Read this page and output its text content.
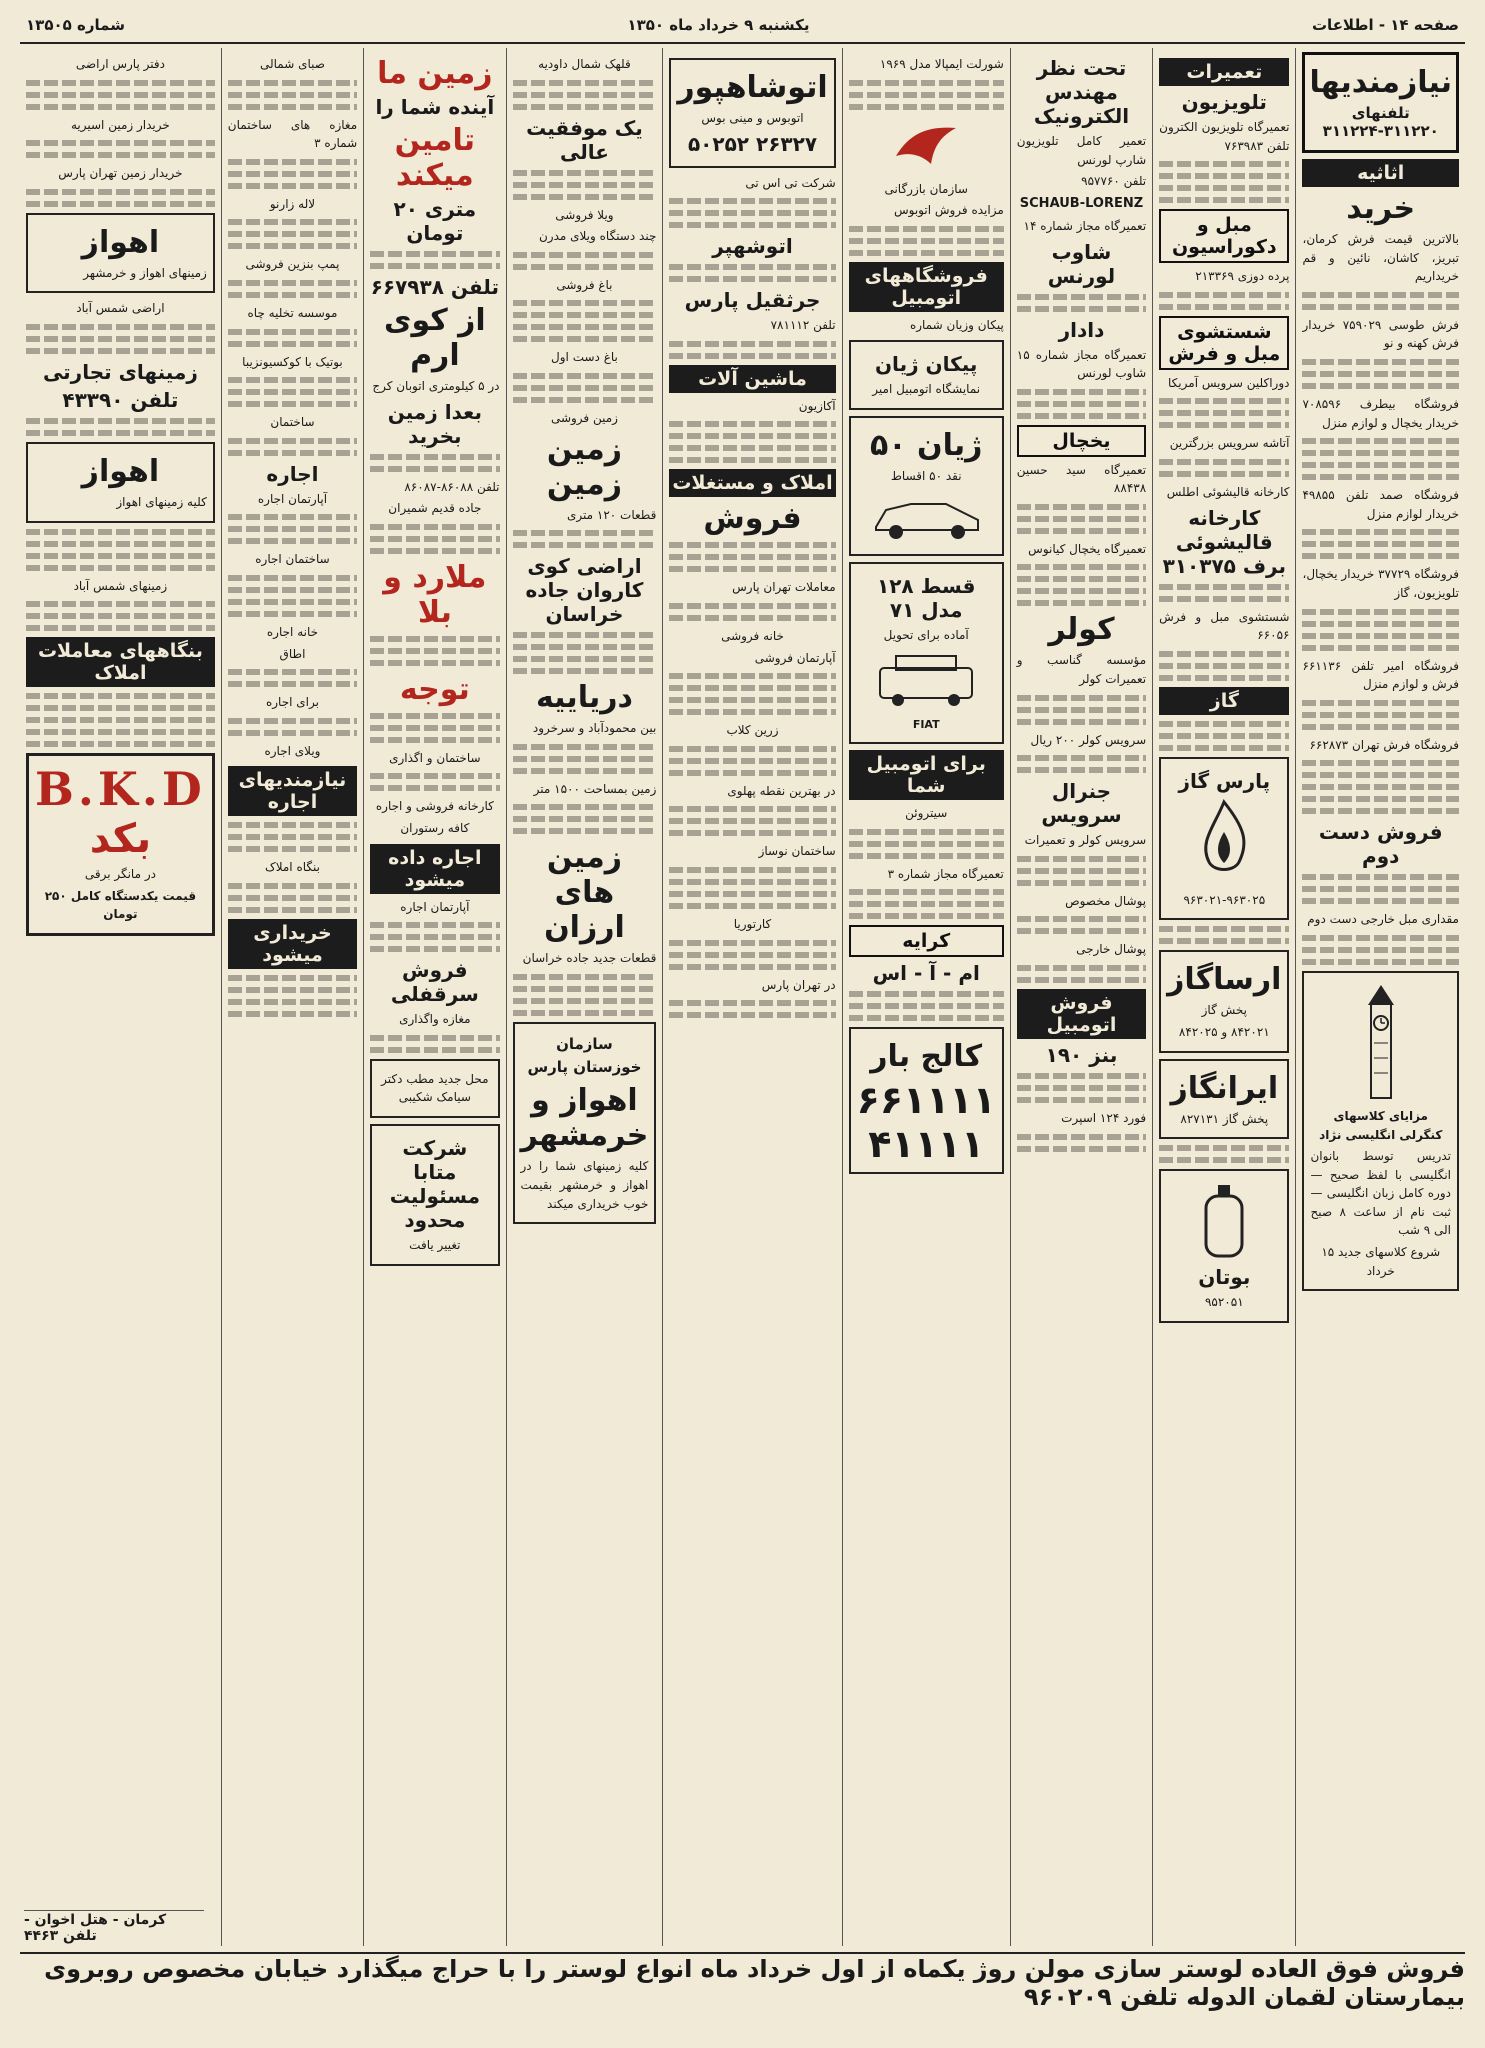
صفحه ۱۴ - اطلاعات
یکشنبه ۹ خرداد ماه ۱۳۵۰
شماره ۱۳۵۰۵
نیازمندیها
تلفنهای ۳۱۱۲۲۰-۳۱۱۲۲۴
اثاثیه
خرید
بالاترین قیمت فرش کرمان، تبریز، کاشان، نائین و قم خریداریم
فرش طوسی ۷۵۹۰۲۹ خریدار فرش کهنه و نو
فروشگاه بیطرف ۷۰۸۵۹۶ خریدار یخچال و لوازم منزل
فروشگاه صمد تلفن ۴۹۸۵۵ خریدار لوازم منزل
فروشگاه ۳۷۷۲۹ خریدار یخچال، تلویزیون، گاز
فروشگاه امیر تلفن ۶۶۱۱۳۶ فرش و لوازم منزل
فروشگاه فرش تهران ۶۶۲۸۷۳
فروش دست دوم
مقداری مبل خارجی دست دوم
مزایای کلاسهای کنگرلی انگلیسی نژاد
تدریس توسط بانوان انگلیسی با لفظ صحیح — دوره کامل زبان انگلیسی — ثبت نام از ساعت ۸ صبح الی ۹ شب
شروع کلاسهای جدید ۱۵ خرداد
تعمیرات
تلویزیون
تعمیرگاه تلویزیون الکترون تلفن ۷۶۳۹۸۳
مبل و دکوراسیون
پرده دوزی ۲۱۳۳۶۹
شستشوی مبل و فرش
دوراکلین سرویس آمریکا
آتاشه سرویس بزرگترین
کارخانه قالیشوئی اطلس
کارخانه قالیشوئی برف ۳۱۰۳۷۵
شستشوی مبل و فرش ۶۶۰۵۶
گاز
پارس گاز
۹۶۳۰۲۱-۹۶۳۰۲۵
ارساگاز
پخش گاز
۸۴۲۰۲۱ و ۸۴۲۰۲۵
ایرانگاز
پخش گاز ۸۲۷۱۳۱
بوتان
۹۵۲۰۵۱
تحت نظر مهندس الکترونیک
تعمیر کامل تلویزیون شارپ لورنس
تلفن ۹۵۷۷۶۰
SCHAUB-LORENZ
تعمیرگاه مجاز شماره ۱۴
شاوب لورنس
دادار
تعمیرگاه مجاز شماره ۱۵ شاوب لورنس
یخچال
تعمیرگاه سید حسین ۸۸۴۳۸
تعمیرگاه یخچال کیانوس
کولر
مؤسسه گناسب و تعمیرات کولر
سرویس کولر ۲۰۰ ریال
جنرال سرویس
سرویس کولر و تعمیرات
پوشال مخصوص
پوشال خارجی
فروش اتومبیل
بنز ۱۹۰
فورد ۱۲۴ اسپرت
شورلت ایمپالا مدل ۱۹۶۹
سازمان بازرگانی
مزایده فروش اتوبوس
فروشگاههای اتومبیل
پیکان وزیان شماره
پیکان ژیان
نمایشگاه اتومبیل امیر
ژیان ۵۰
نقد ۵۰ اقساط
قسط ۱۲۸ مدل ۷۱
آماده برای تحویل
FIAT
برای اتومبیل شما
سیتروئن
تعمیرگاه مجاز شماره ۳
کرایه
ام - آ - اس
کالج بار
۶۶۱۱۱۱ ۴۱۱۱۱
اتوشاهپور
اتوبوس و مینی بوس
۲۶۳۲۷ ۵۰۲۵۲
شرکت تی اس تی
اتوشهپر
جرثقیل پارس
تلفن ۷۸۱۱۱۲
ماشین آلات
آکازیون
املاک و مستغلات
فروش
معاملات تهران پارس
خانه فروشی
آپارتمان فروشی
زرین کلاب
در بهترین نقطه پهلوی
ساختمان نوساز
کارتوریا
در تهران پارس
قلهک شمال داودیه
یک موفقیت عالی
ویلا فروشی
چند دستگاه ویلای مدرن
باغ فروشی
باغ دست اول
زمین فروشی
زمین زمین
قطعات ۱۲۰ متری
اراضی کوی کاروان جاده خراسان
دریاییه
بین محمودآباد و سرخرود
زمین بمساحت ۱۵۰۰ متر
زمین های ارزان
قطعات جدید جاده خراسان
سازمان خوزستان پارس
اهواز و خرمشهر
کلیه زمینهای شما را در اهواز و خرمشهر بقیمت خوب خریداری میکند
زمین ما
آینده شما را
تامین میکند
متری ۲۰ تومان
تلفن ۶۶۷۹۳۸
از کوی ارم
در ۵ کیلومتری اتوبان کرج
بعدا زمین بخرید
تلفن ۸۶۰۸۸-۸۶۰۸۷
جاده قدیم شمیران
ملارد و بلا
توجه
ساختمان و اگذاری
کارخانه فروشی و اجاره
کافه رستوران
اجاره داده میشود
آپارتمان اجاره
فروش سرقفلی
مغازه واگذاری
محل جدید مطب دکتر سیامک شکیبی
شرکت متابا مسئولیت محدود
تغییر یافت
صبای شمالی
مغازه های ساختمان شماره ۳
لاله زارنو
پمپ بنزین فروشی
موسسه تخلیه چاه
بوتیک با کوکسیونزیبا
ساختمان
اجاره
آپارتمان اجاره
ساختمان اجاره
خانه اجاره
اطاق
برای اجاره
ویلای اجاره
نیازمندیهای اجاره
بنگاه املاک
خریداری میشود
دفتر پارس اراضی
خریدار زمین اسیریه
خریدار زمین تهران پارس
اهواز
زمینهای اهواز و خرمشهر
اراضی شمس آباد
زمینهای تجارتی
تلفن ۴۳۳۹۰
اهواز
کلیه زمینهای اهواز
زمینهای شمس آباد
بنگاههای معاملات املاک
B.K.D
بکد
در مانگر برقی
قیمت یکدستگاه کامل ۲۵۰ تومان
کرمان - هتل اخوان - تلفن ۴۴۶۳
فروش فوق العاده لوستر سازی مولن روژ یکماه از اول خرداد ماه انواع لوستر را با حراج میگذارد خیابان مخصوص روبروی بیمارستان لقمان الدوله تلفن ۹۶۰۲۰۹
